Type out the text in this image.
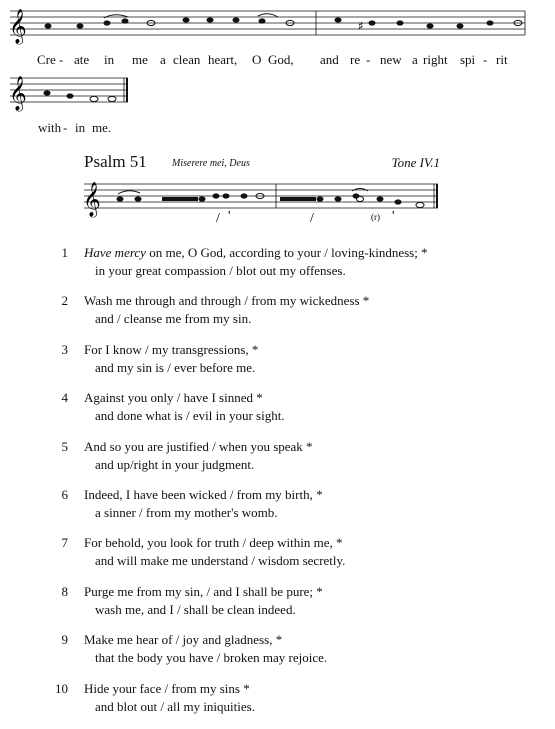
𝄞	♯
Cre - ate in me a clean heart, O God, and re - new a right spi - rit
𝄞
with - in me.
Psalm 51	Miserere mei, Deus	Tone IV.1
𝄞
/ '	/	(r) '
1 Have mercy on me, O God, according to your / loving-kindness; *
in your great compassion / blot out my offenses.
2 Wash me through and through / from my wickedness *
and / cleanse me from my sin.
3 For I know / my transgressions, *
and my sin is / ever before me.
4 Against you only / have I sinned *
and done what is / evil in your sight.
5 And so you are justified / when you speak *
and up/right in your judgment.
6 Indeed, I have been wicked / from my birth, *
a sinner / from my mother's womb.
7 For behold, you look for truth / deep within me, *
and will make me understand / wisdom secretly.
8 Purge me from my sin, / and I shall be pure; *
wash me, and I / shall be clean indeed.
9 Make me hear of / joy and gladness, *
that the body you have / broken may rejoice.
10 Hide your face / from my sins *
and blot out / all my iniquities.
